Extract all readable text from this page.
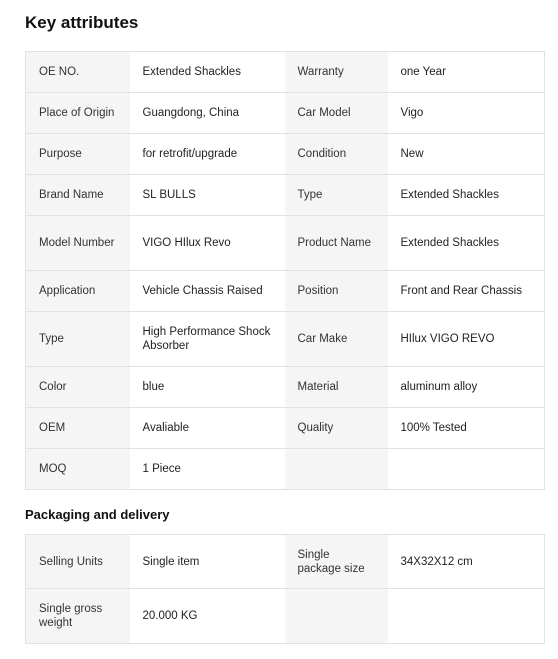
Key attributes
OE NO.	Extended Shackles	Warranty	one Year
Place of Origin	Guangdong, China	Car Model	Vigo
Purpose	for retrofit/upgrade	Condition	New
Brand Name	SL BULLS	Type	Extended Shackles
Model Number	VIGO HIlux Revo	Product Name	Extended Shackles
Application	Vehicle Chassis Raised	Position	Front and Rear Chassis
Type	High Performance Shock Absorber	Car Make	HIlux VIGO REVO
Color	blue	Material	aluminum alloy
OEM	Avaliable	Quality	100% Tested
MOQ	1 Piece		
Packaging and delivery
Selling Units	Single item	Single package size	34X32X12 cm
Single gross weight	20.000 KG		
